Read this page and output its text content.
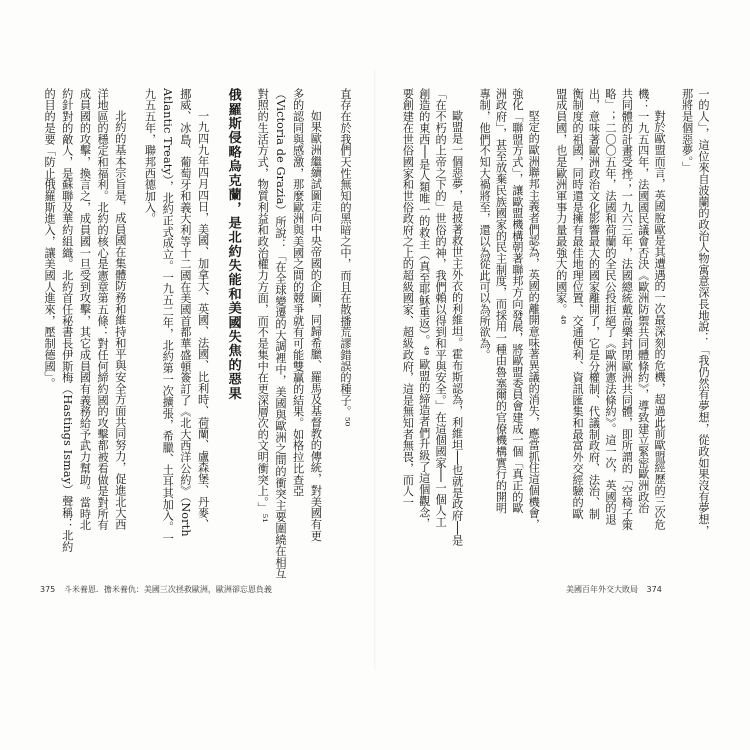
一的人」，這位來自波蘭的政治人物寓意深長地說：「我仍然有夢想，從政如果沒有夢想，
那將是個惡夢。」
對於歐盟而言，英國脫歐是其遭遇的一次最深刻的危機，超過此前歐盟經歷的三次危
機：一九五四年，法國國民議會否決《歐洲防禦共同體條約》，導致建立緊密歐洲政治
共同體的計畫受挫；一九六三年，法國總統戴高樂封閉歐洲共同體，即所謂的「空椅子策
略」；二〇〇五年，法國和荷蘭的全民公投拒絕了《歐洲憲法條約》。這一次，英國的退
出，意味著歐洲政治文化影響最大的國家離開了，它是分權制、代議制政府、法治、制
衡制度的祖國，同時還是擁有最佳地理位置、交通便利、資訊匯集和最富外交經驗的歐
盟成員國，也是歐洲軍事力量最強大的國家。⁴⁸
堅定的歐洲聯邦主義者們認為，英國的離開意味著異議的消失，應當抓住這個機會，
強化「聯盟方式」，讓歐盟機構朝著聯邦方向發展，將歐盟委員會建成一個「真正的歐
洲政府」，甚至放棄民族國家的民主制度，而採用一種由魯塞爾的官僚機構實行的開明
專制，他們不知大禍將至，還以為從此可以為所欲為。
歐盟是一個惡夢，是披著救世主外衣的利維坦。霍布斯認為，利維坦──也就是政府──是
「在不朽的上帝之下的」世俗的神，我們賴以得到和平與安全。」在這個國家──一個人工
創造的東西──是人類唯一的救主（真至耶穌重返）。⁴⁹ 歐盟的締造者們升級了這個觀念，
要創建在世俗國家和世俗政府之上的超級國家、超級政府，這是無知者無畏，而人一
直存在於我們天性無知的黑暗之中，而且在散播荒謬錯誤的種子。⁵⁰
如果歐洲繼續試圖走向中央帝國的企圖，同歸希臘、羅馬及基督教的傳統，對美國有更
多的認同與感激，那麼歐洲與美國之間的競爭就有可能雙贏的結果。如格拉比查亞
（Victoria de Grazia）所說：「在全球變遷的大調裡中，美國與歐洲之間的衝突主要圍繞在相互
對照的生活方式，物質利益和政治權力方面，而不是集中在更深層次的文明衝突上。」⁵¹
俄羅斯侵略烏克蘭，是北約失能和美國失焦的惡果
一九四九年四月四日，美國、加拿大、英國、法國、比利時、荷蘭、盧森堡、丹麥、
挪威、冰島、葡萄牙和義大利等十二國在美國首都華盛頓簽訂了《北大西洋公約》（North
Atlantic Treaty），北約正式成立。一九五二年，北約第一次擴張，希臘、土耳其加入。一
九五五年，聯邦西德加入。
北約的基本宗旨是，成員國在集體防務和維持和平與安全方面共同努力，促進北大西
洋地區的穩定和福利。北約的核心是憲章第五條：對任何締約國的攻擊都被看做是對所有
成員國的攻擊，換言之，成員國一旦受到攻擊，其它成員國有義務給予武力幫助。當時北
約針對的敵人，是蘇聯及華約組織。北約首任秘書長伊斯梅（Hastings Ismay）聲稱：北約
的目的是要「防止俄羅斯進入，讓美國人進來，壓制德國」。
375 斗米養恩．擔米養仇：美國三次拯救歐洲，歐洲卻忘恩負義	美國百年外交大敗局 374
